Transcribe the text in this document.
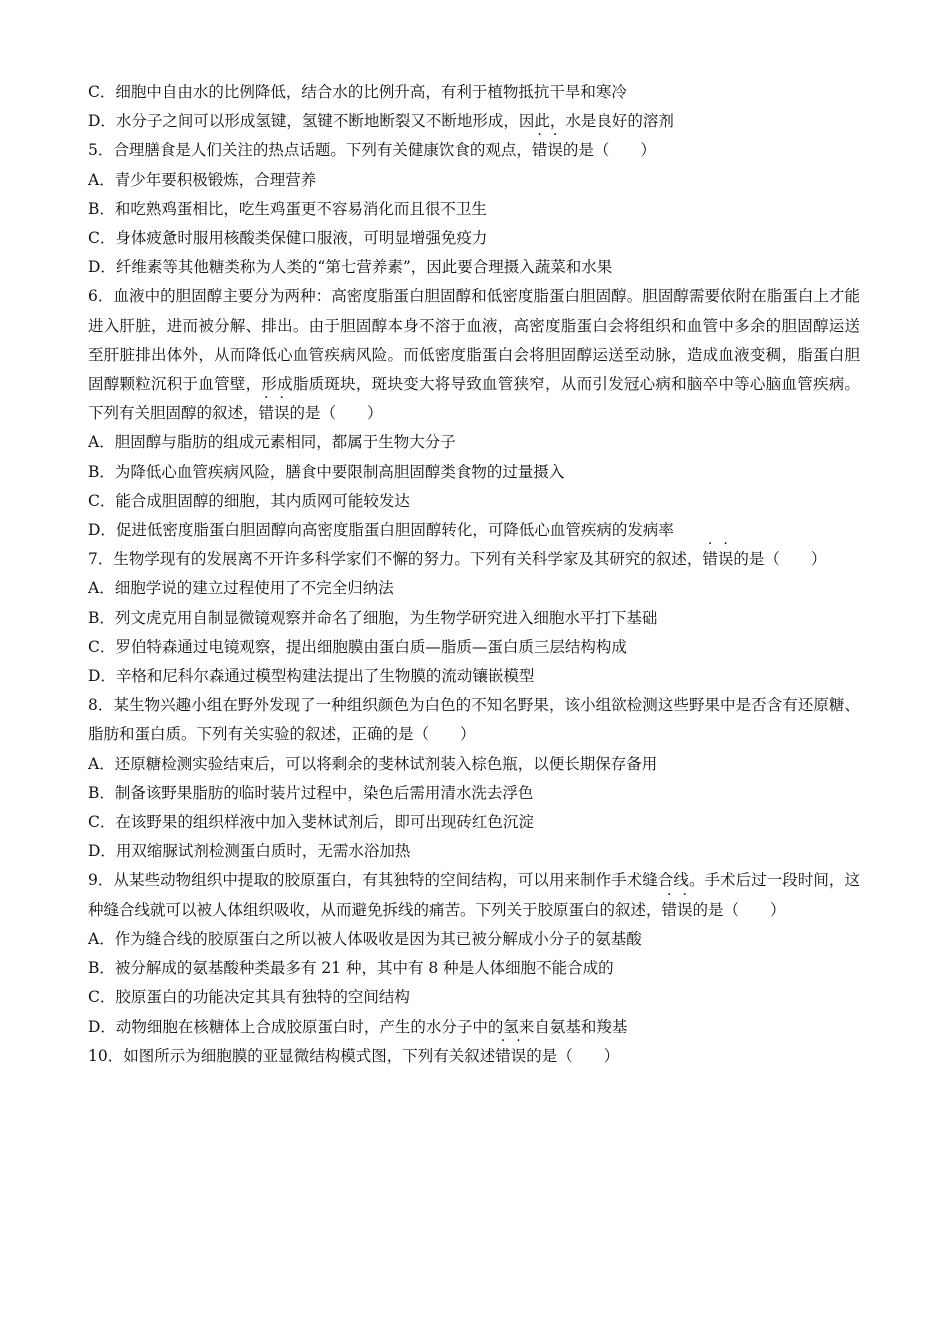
C．细胞中自由水的比例降低，结合水的比例升高，有利于植物抵抗干旱和寒冷
D．水分子之间可以形成氢键，氢键不断地断裂又不断地形成，因此，水是良好的溶剂
5．合理膳食是人们关注的热点话题。下列有关健康饮食的观点，错误的是（　　）
A．青少年要积极锻炼，合理营养
B．和吃熟鸡蛋相比，吃生鸡蛋更不容易消化而且很不卫生
C．身体疲惫时服用核酸类保健口服液，可明显增强免疫力
D．纤维素等其他糖类称为人类的“第七营养素”，因此要合理摄入蔬菜和水果
6．血液中的胆固醇主要分为两种：高密度脂蛋白胆固醇和低密度脂蛋白胆固醇。胆固醇需要依附在脂蛋白上才能进入肝脏，进而被分解、排出。由于胆固醇本身不溶于血液，高密度脂蛋白会将组织和血管中多余的胆固醇运送至肝脏排出体外，从而降低心血管疾病风险。而低密度脂蛋白会将胆固醇运送至动脉，造成血液变稠，脂蛋白胆固醇颗粒沉积于血管壁，形成脂质斑块，斑块变大将导致血管狭窄，从而引发冠心病和脑卒中等心脑血管疾病。下列有关胆固醇的叙述，错误的是（　　）
A．胆固醇与脂肪的组成元素相同，都属于生物大分子
B．为降低心血管疾病风险，膳食中要限制高胆固醇类食物的过量摄入
C．能合成胆固醇的细胞，其内质网可能较发达
D．促进低密度脂蛋白胆固醇向高密度脂蛋白胆固醇转化，可降低心血管疾病的发病率
7．生物学现有的发展离不开许多科学家们不懈的努力。下列有关科学家及其研究的叙述，错误的是（　　）
A．细胞学说的建立过程使用了不完全归纳法
B．列文虎克用自制显微镜观察并命名了细胞，为生物学研究进入细胞水平打下基础
C．罗伯特森通过电镜观察，提出细胞膜由蛋白质—脂质—蛋白质三层结构构成
D．辛格和尼科尔森通过模型构建法提出了生物膜的流动镶嵌模型
8．某生物兴趣小组在野外发现了一种组织颜色为白色的不知名野果，该小组欲检测这些野果中是否含有还原糖、脂肪和蛋白质。下列有关实验的叙述，正确的是（　　）
A．还原糖检测实验结束后，可以将剩余的斐林试剂装入棕色瓶，以便长期保存备用
B．制备该野果脂肪的临时装片过程中，染色后需用清水洗去浮色
C．在该野果的组织样液中加入斐林试剂后，即可出现砖红色沉淀
D．用双缩脲试剂检测蛋白质时，无需水浴加热
9．从某些动物组织中提取的胶原蛋白，有其独特的空间结构，可以用来制作手术缝合线。手术后过一段时间，这种缝合线就可以被人体组织吸收，从而避免拆线的痛苦。下列关于胶原蛋白的叙述，错误的是（　　）
A．作为缝合线的胶原蛋白之所以被人体吸收是因为其已被分解成小分子的氨基酸
B．被分解成的氨基酸种类最多有 21 种，其中有 8 种是人体细胞不能合成的
C．胶原蛋白的功能决定其具有独特的空间结构
D．动物细胞在核糖体上合成胶原蛋白时，产生的水分子中的氢来自氨基和羧基
10．如图所示为细胞膜的亚显微结构模式图，下列有关叙述错误的是（　　）
